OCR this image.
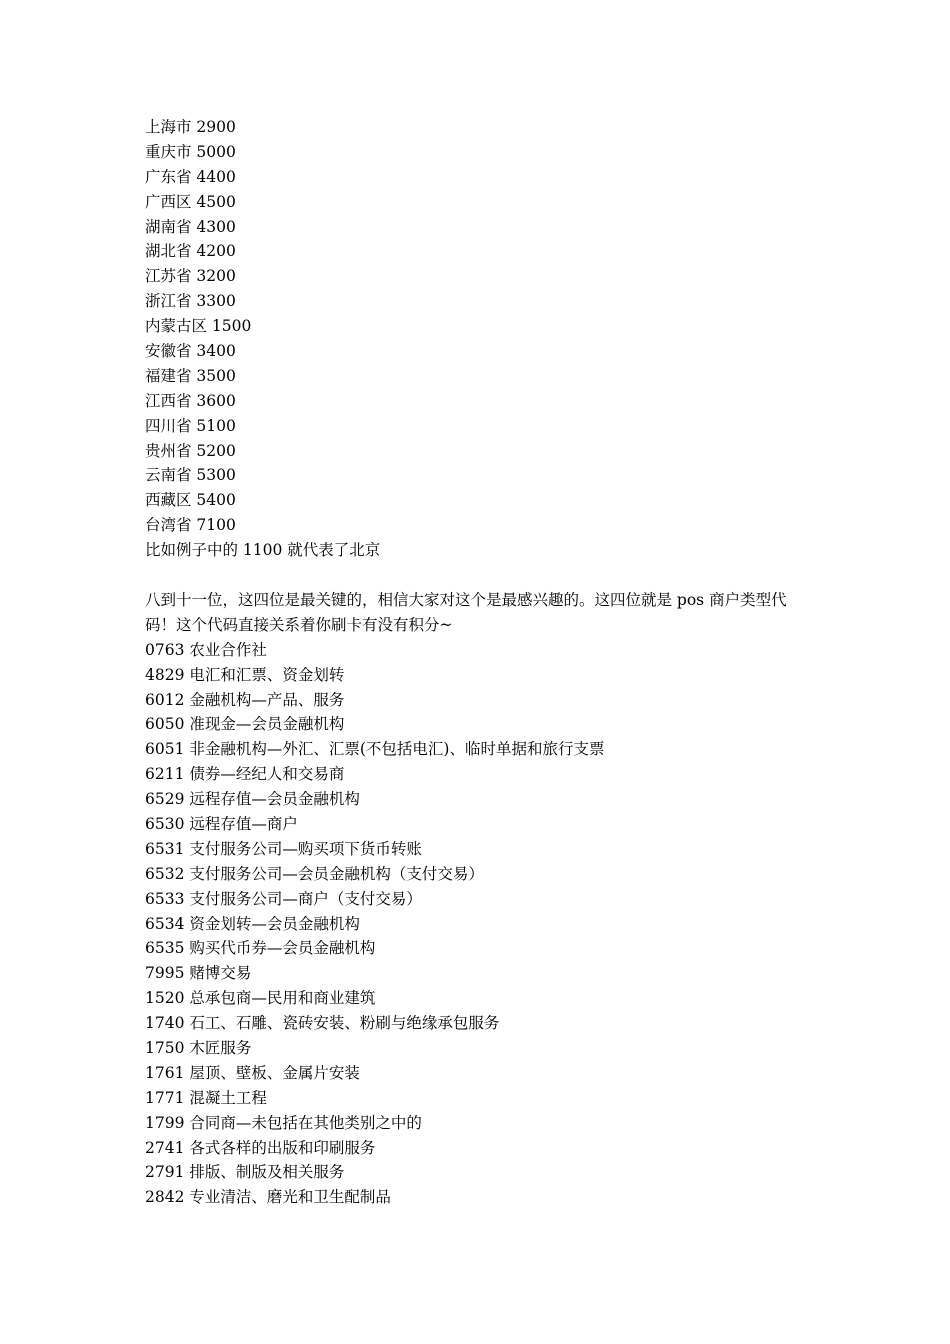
上海市 2900
重庆市 5000
广东省 4400
广西区 4500
湖南省 4300
湖北省 4200
江苏省 3200
浙江省 3300
内蒙古区 1500
安徽省 3400
福建省 3500
江西省 3600
四川省 5100
贵州省 5200
云南省 5300
西藏区 5400
台湾省 7100
比如例子中的 1100 就代表了北京
八到十一位，这四位是最关键的，相信大家对这个是最感兴趣的。这四位就是 pos 商户类型代码！这个代码直接关系着你刷卡有没有积分~
0763 农业合作社
4829 电汇和汇票、资金划转
6012 金融机构—产品、服务
6050 准现金—会员金融机构
6051 非金融机构—外汇、汇票(不包括电汇)、临时单据和旅行支票
6211 债券—经纪人和交易商
6529 远程存值—会员金融机构
6530 远程存值—商户
6531 支付服务公司—购买项下货币转账
6532 支付服务公司—会员金融机构（支付交易）
6533 支付服务公司—商户（支付交易）
6534 资金划转—会员金融机构
6535 购买代币券—会员金融机构
7995 赌博交易
1520 总承包商—民用和商业建筑
1740 石工、石雕、瓷砖安装、粉刷与绝缘承包服务
1750 木匠服务
1761 屋顶、壁板、金属片安装
1771 混凝土工程
1799 合同商—未包括在其他类别之中的
2741 各式各样的出版和印刷服务
2791 排版、制版及相关服务
2842 专业清洁、磨光和卫生配制品
